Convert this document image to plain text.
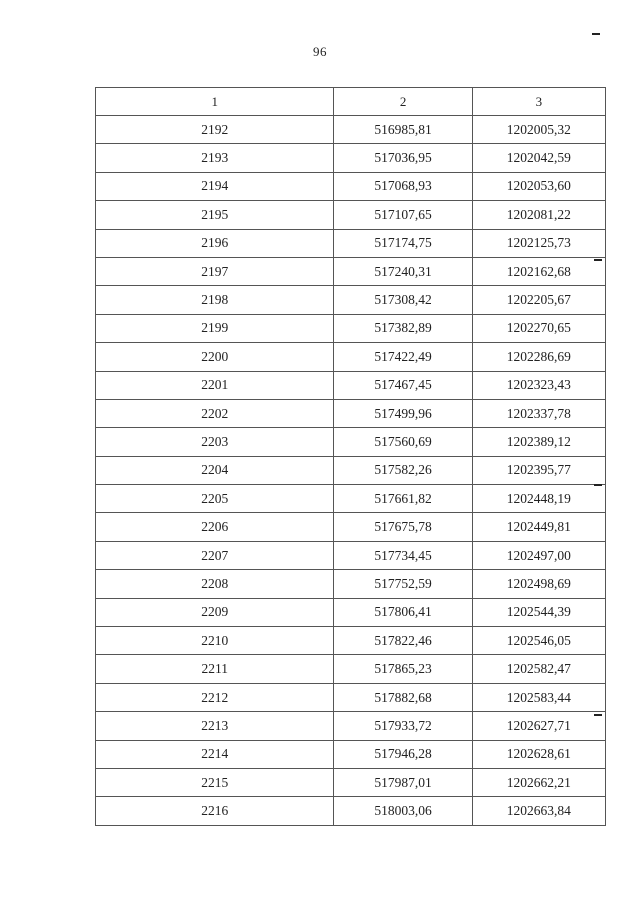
96
1	2	3
2192	516985,81	1202005,32
2193	517036,95	1202042,59
2194	517068,93	1202053,60
2195	517107,65	1202081,22
2196	517174,75	1202125,73
2197	517240,31	1202162,68
2198	517308,42	1202205,67
2199	517382,89	1202270,65
2200	517422,49	1202286,69
2201	517467,45	1202323,43
2202	517499,96	1202337,78
2203	517560,69	1202389,12
2204	517582,26	1202395,77
2205	517661,82	1202448,19
2206	517675,78	1202449,81
2207	517734,45	1202497,00
2208	517752,59	1202498,69
2209	517806,41	1202544,39
2210	517822,46	1202546,05
2211	517865,23	1202582,47
2212	517882,68	1202583,44
2213	517933,72	1202627,71
2214	517946,28	1202628,61
2215	517987,01	1202662,21
2216	518003,06	1202663,84
